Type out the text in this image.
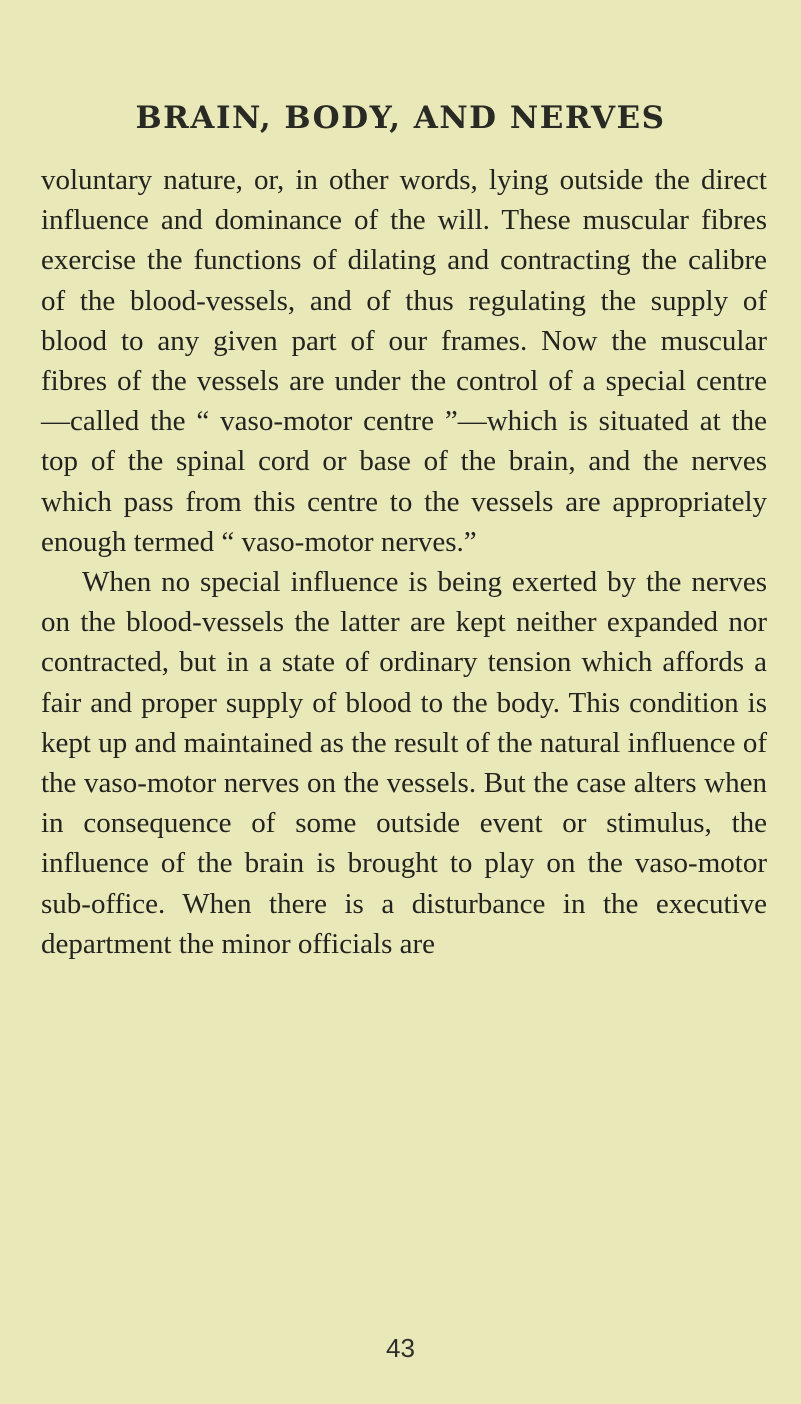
BRAIN, BODY, AND NERVES

voluntary nature, or, in other words, lying outside the direct influence and dominance of the will. These muscular fibres exercise the functions of dilating and contracting the calibre of the blood-vessels, and of thus regulating the supply of blood to any given part of our frames. Now the muscular fibres of the vessels are under the control of a special centre —called the “ vaso-motor centre ”—which is situated at the top of the spinal cord or base of the brain, and the nerves which pass from this centre to the vessels are appropriately enough termed “ vaso-motor nerves.”

When no special influence is being exerted by the nerves on the blood-vessels the latter are kept neither expanded nor contracted, but in a state of ordinary tension which affords a fair and proper supply of blood to the body. This condition is kept up and maintained as the result of the natural influence of the vaso-motor nerves on the vessels. But the case alters when in consequence of some outside event or stimulus, the influence of the brain is brought to play on the vaso-motor sub-office. When there is a disturbance in the executive department the minor officials are

43
